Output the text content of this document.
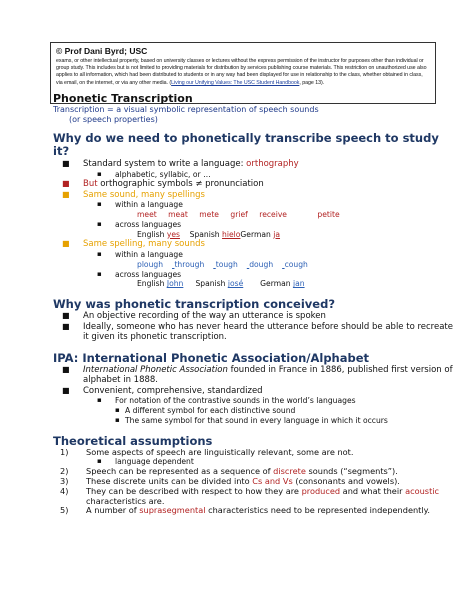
© Prof Dani Byrd; USC
exams, or other intellectual property, based on university classes or lectures without the express permission of the instructor for purposes other than individual or group study. This includes but is not limited to providing materials for distribution by services publishing course materials. This restriction on unauthorized use also applies to all information, which had been distributed to students or in any way had been displayed for use in relationship to the class, whether obtained in class, via email, on the internet, or via any other media. (Living our Unifying Values: The USC Student Handbook, page 13).
Phonetic Transcription
Transcription = a visual symbolic representation of speech sounds
(or speech properties)
Why do we need to phonetically transcribe speech to study it?
■ Standard system to write a language: orthography
▪ alphabetic, syllabic, or …
■ But orthographic symbols ≠ pronunciation
■ Same sound, many spellings
▪ within a language
meet meat mete grief receive	petite
▪ across languages
English yes Spanish hieloGerman ja
■ Same spelling, many sounds
▪ within a language
plough through tough dough cough
▪ across languages
English John Spanish josé German jan
Why was phonetic transcription conceived?
■ An objective recording of the way an utterance is spoken
■ Ideally, someone who has never heard the utterance before should be able to recreate it given its phonetic transcription.
IPA: International Phonetic Association/Alphabet
■ International Phonetic Association founded in France in 1886, published first version of alphabet in 1888.
■ Convenient, comprehensive, standardized
▪ For notation of the contrastive sounds in the world’s languages
▪ A different symbol for each distinctive sound
▪ The same symbol for that sound in every language in which it occurs
Theoretical assumptions
1) Some aspects of speech are linguistically relevant, some are not.
▪ language dependent
2) Speech can be represented as a sequence of discrete sounds (“segments”).
3) These discrete units can be divided into Cs and Vs (consonants and vowels).
4) They can be described with respect to how they are produced and what their acoustic characteristics are.
5) A number of suprasegmental characteristics need to be represented independently.
